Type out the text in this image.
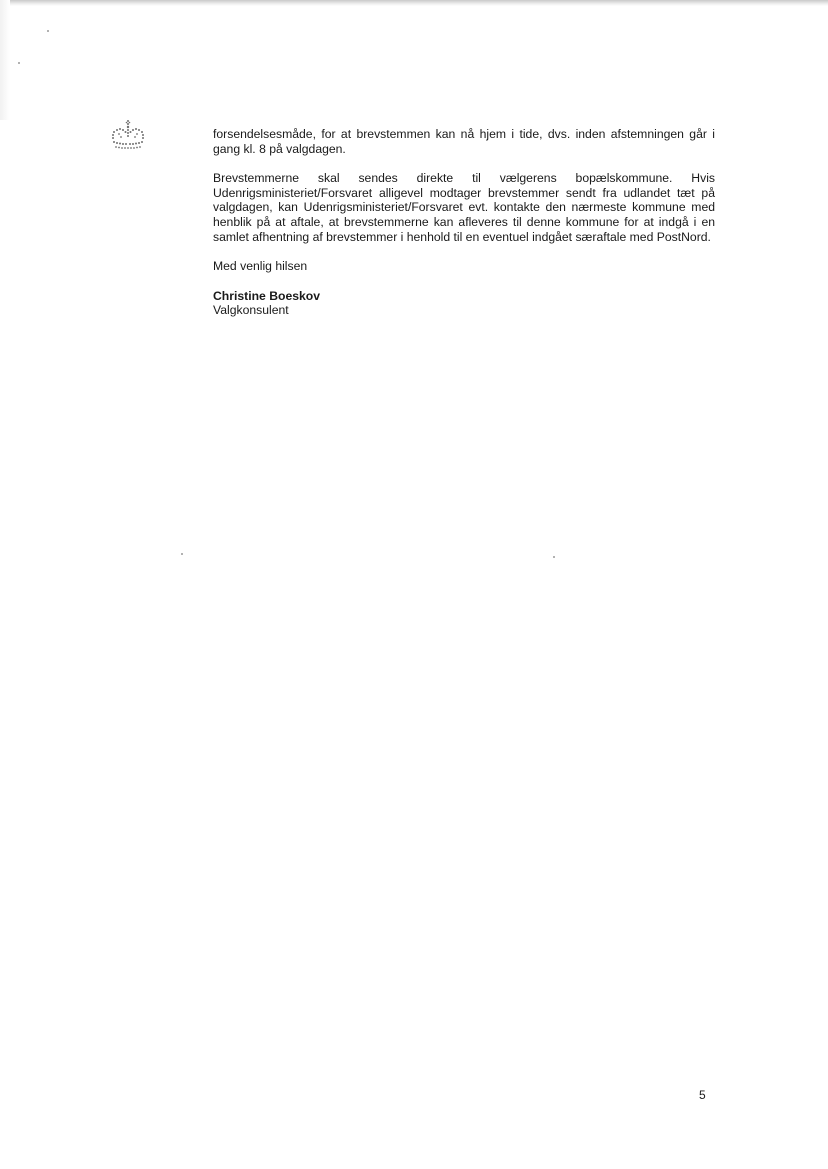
forsendelsesmåde, for at brevstemmen kan nå hjem i tide, dvs. inden afstemningen går i gang kl. 8 på valgdagen.

Brevstemmerne skal sendes direkte til vælgerens bopælskommune. Hvis Udenrigsministeriet/Forsvaret alligevel modtager brevstemmer sendt fra udlandet tæt på valgdagen, kan Udenrigsministeriet/Forsvaret evt. kontakte den nærmeste kommune med henblik på at aftale, at brevstemmerne kan afleveres til denne kommune for at indgå i en samlet afhentning af brevstemmer i henhold til en eventuel indgået særaftale med PostNord.

Med venlig hilsen

Christine Boeskov
Valgkonsulent
5
